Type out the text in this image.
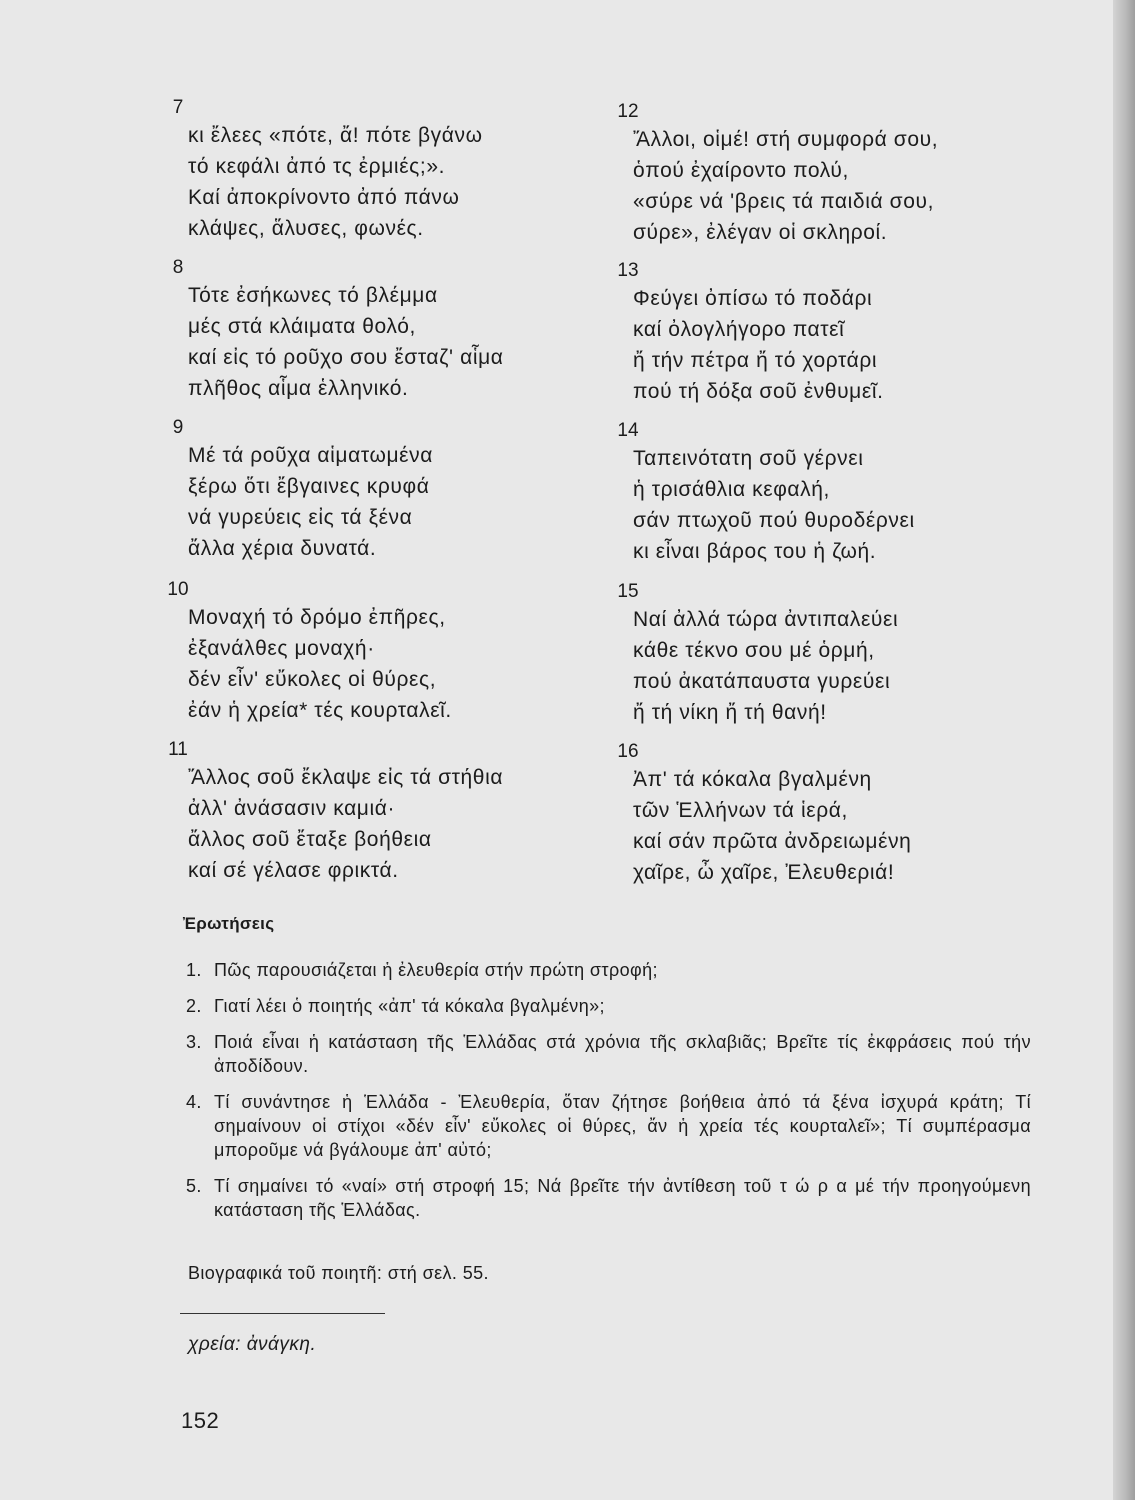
7
κι ἔλεες «πότε, ἄ! πότε βγάνω
τό κεφάλι ἀπό τς ἐρμιές;».
Καί ἀποκρίνοντο ἀπό πάνω
κλάψες, ἅλυσες, φωνές.
8
Τότε ἐσήκωνες τό βλέμμα
μές στά κλάιματα θολό,
καί εἰς τό ροῦχο σου ἔσταζ' αἷμα
πλῆθος αἷμα ἑλληνικό.
9
Μέ τά ροῦχα αἱματωμένα
ξέρω ὅτι ἔβγαινες κρυφά
νά γυρεύεις εἰς τά ξένα
ἄλλα χέρια δυνατά.
10
Μοναχή τό δρόμο ἐπῆρες,
ἐξανάλθες μοναχή·
δέν εἶν' εὔκολες οἱ θύρες,
ἐάν ἡ χρεία* τές κουρταλεῖ.
11
Ἄλλος σοῦ ἔκλαψε εἰς τά στήθια
ἀλλ' ἀνάσασιν καμιά·
ἄλλος σοῦ ἔταξε βοήθεια
καί σέ γέλασε φρικτά.
12
Ἄλλοι, οἱμέ! στή συμφορά σου,
ὁπού ἐχαίροντο πολύ,
«σύρε νά 'βρεις τά παιδιά σου,
σύρε», ἐλέγαν οἱ σκληροί.
13
Φεύγει ὀπίσω τό ποδάρι
καί ὀλογλήγορο πατεῖ
ἤ τήν πέτρα ἤ τό χορτάρι
πού τή δόξα σοῦ ἐνθυμεῖ.
14
Ταπεινότατη σοῦ γέρνει
ἡ τρισάθλια κεφαλή,
σάν πτωχοῦ πού θυροδέρνει
κι εἶναι βάρος του ἡ ζωή.
15
Ναί ἀλλά τώρα ἀντιπαλεύει
κάθε τέκνο σου μέ ὁρμή,
πού ἀκατάπαυστα γυρεύει
ἤ τή νίκη ἤ τή θανή!
16
Ἀπ' τά κόκαλα βγαλμένη
τῶν Ἑλλήνων τά ἱερά,
καί σάν πρῶτα ἀνδρειωμένη
χαῖρε, ὦ χαῖρε, Ἐλευθεριά!
Ἐρωτήσεις
1. Πῶς παρουσιάζεται ἡ ἐλευθερία στήν πρώτη στροφή;
2. Γιατί λέει ὁ ποιητής «ἀπ' τά κόκαλα βγαλμένη»;
3. Ποιά εἶναι ἡ κατάσταση τῆς Ἑλλάδας στά χρόνια τῆς σκλαβιᾶς; Βρεῖτε τίς ἐκφράσεις πού τήν ἀποδίδουν.
4. Τί συνάντησε ἡ Ἑλλάδα - Ἐλευθερία, ὅταν ζήτησε βοήθεια ἀπό τά ξένα ἰσχυρά κράτη; Τί σημαίνουν οἱ στίχοι «δέν εἶν' εὔκολες οἱ θύρες, ἄν ἡ χρεία τές κουρταλεῖ»; Τί συμπέρασμα μποροῦμε νά βγάλουμε ἀπ' αὐτό;
5. Τί σημαίνει τό «ναί» στή στροφή 15; Νά βρεῖτε τήν ἀντίθεση τοῦ τ ώ ρ α μέ τήν προηγούμενη κατάσταση τῆς Ἑλλάδας.
Βιογραφικά τοῦ ποιητῆ: στή σελ. 55.
χρεία: ἀνάγκη.
152
